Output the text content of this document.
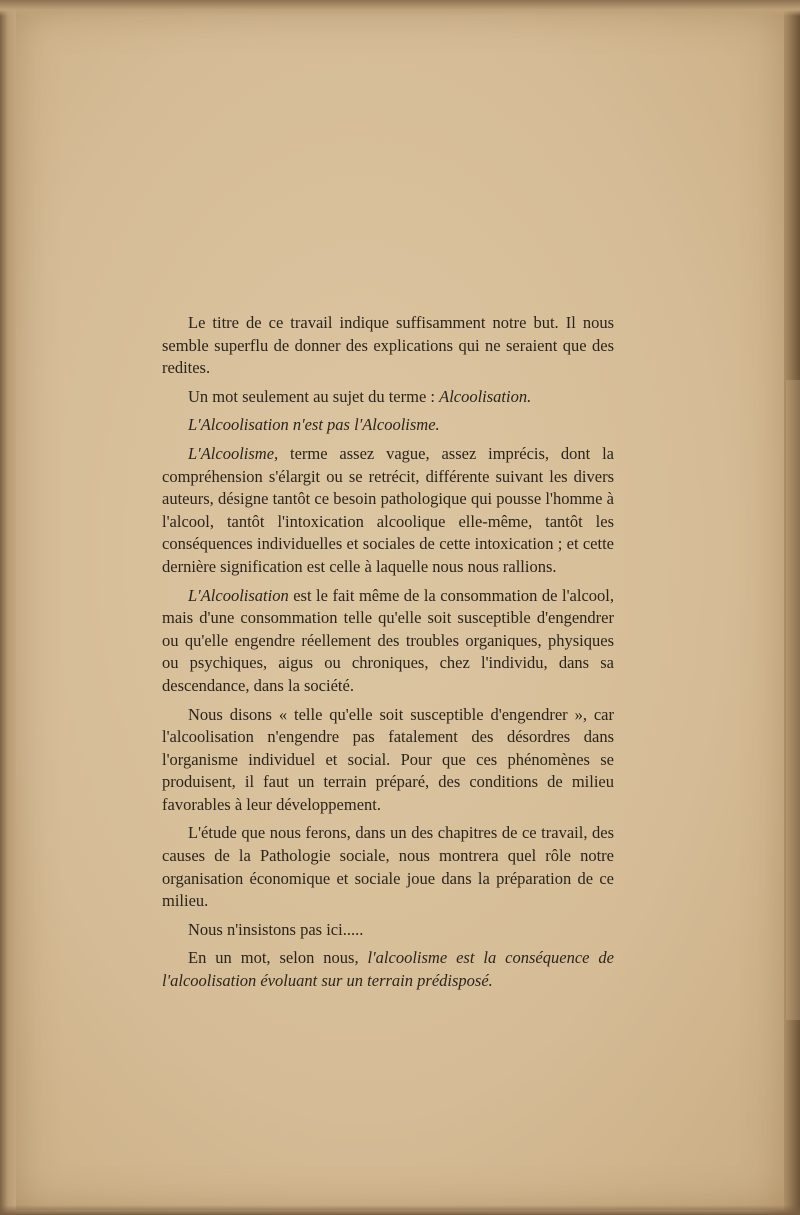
Le titre de ce travail indique suffisamment notre but. Il nous semble superflu de donner des explications qui ne seraient que des redites.

Un mot seulement au sujet du terme : Alcoolisation.

L'Alcoolisation n'est pas l'Alcoolisme.

L'Alcoolisme, terme assez vague, assez imprécis, dont la compréhension s'élargit ou se retrécit, différente suivant les divers auteurs, désigne tantôt ce besoin pathologique qui pousse l'homme à l'alcool, tantôt l'intoxication alcoolique elle-même, tantôt les conséquences individuelles et sociales de cette intoxication ; et cette dernière signification est celle à laquelle nous nous rallions.

L'Alcoolisation est le fait même de la consommation de l'alcool, mais d'une consommation telle qu'elle soit susceptible d'engendrer ou qu'elle engendre réellement des troubles organiques, physiques ou psychiques, aigus ou chroniques, chez l'individu, dans sa descendance, dans la société.

Nous disons « telle qu'elle soit susceptible d'engendrer », car l'alcoolisation n'engendre pas fatalement des désordres dans l'organisme individuel et social. Pour que ces phénomènes se produisent, il faut un terrain préparé, des conditions de milieu favorables à leur développement.

L'étude que nous ferons, dans un des chapitres de ce travail, des causes de la Pathologie sociale, nous montrera quel rôle notre organisation économique et sociale joue dans la préparation de ce milieu.

Nous n'insistons pas ici.....

En un mot, selon nous, l'alcoolisme est la conséquence de l'alcoolisation évoluant sur un terrain prédisposé.
